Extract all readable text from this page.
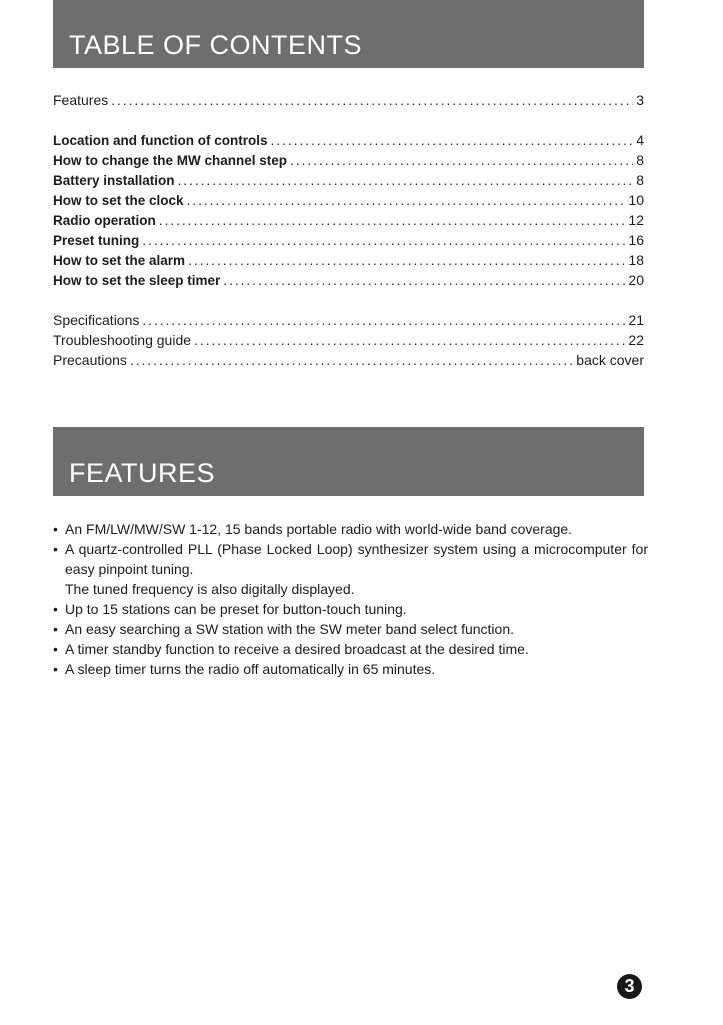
TABLE OF CONTENTS
Features . . .	3
Location and function of controls . . .	4
How to change the MW channel step . . .	8
Battery installation . . .	8
How to set the clock . . .	10
Radio operation . . .	12
Preset tuning . . .	16
How to set the alarm . . .	18
How to set the sleep timer . . .	20
Specifications . . .	21
Troubleshooting guide . . .	22
Precautions . . .	back cover
FEATURES
• An FM/LW/MW/SW 1-12, 15 bands portable radio with world-wide band coverage.

• A quartz-controlled PLL (Phase Locked Loop) synthesizer system using a microcomputer for easy pinpoint tuning.

The tuned frequency is also digitally displayed.

• Up to 15 stations can be preset for button-touch tuning.

• An easy searching a SW station with the SW meter band select function.

• A timer standby function to receive a desired broadcast at the desired time.

• A sleep timer turns the radio off automatically in 65 minutes.

3
